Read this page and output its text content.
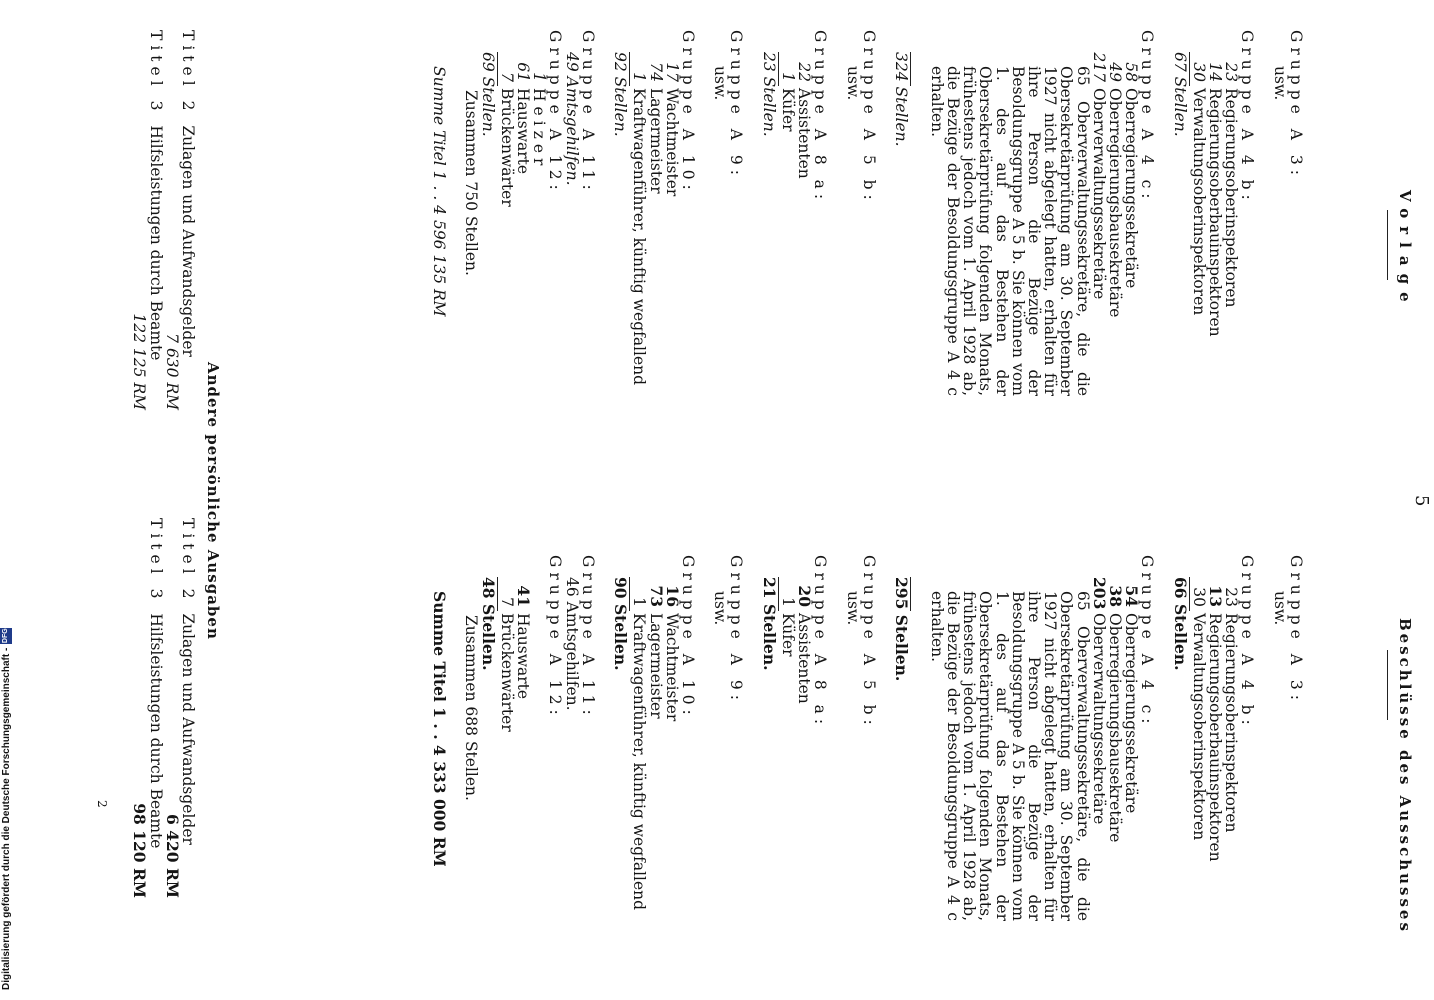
5
Vorlage
Beschlüsse des Ausschusses
Gruppe A 3:
usw.
Gruppe A 4 b:
23Regierungsoberinspektoren
14Regierungsoberbauinspektoren
30Verwaltungsoberinspektoren
67 Stellen.
Gruppe A 4 c:
58Oberregierungssekretäre
49Oberregierungsbausekretäre
217Oberverwaltungssekretäre
65 Oberverwaltungssekretäre, die die Obersekretärprüfung am 30. September 1927 nicht abgelegt hatten, erhalten für ihre Person die Bezüge der Besoldungsgruppe A 5 b. Sie können vom 1. des auf das Bestehen der Obersekretärprüfung folgenden Monats, frühestens jedoch vom 1. April 1928 ab, die Bezüge der Besoldungsgruppe A 4 c erhalten.
324 Stellen.
Gruppe A 5 b:
usw.
Gruppe A 8 a:
22Assistenten
1Küfer
23 Stellen.
Gruppe A 9:
usw.
Gruppe A 10:
17Wachtmeister
74Lagermeister
1Kraftwagenführer, künftig wegfallend
92 Stellen.
Gruppe A 11:
49 Amtsgehilfen.
Gruppe A 12:
1Heizer
61Hauswarte
7Brückenwärter
69 Stellen.
Zusammen 750 Stellen.
Summe Titel 1 . . 4 596 135 RM
Gruppe A 3:
usw.
Gruppe A 4 b:
23Regierungsoberinspektoren
13Regierungsoberbauinspektoren
30Verwaltungsoberinspektoren
66 Stellen.
Gruppe A 4 c:
54Oberregierungssekretäre
38Oberregierungsbausekretäre
203Oberverwaltungssekretäre
65 Oberverwaltungssekretäre, die die Obersekretärprüfung am 30. September 1927 nicht abgelegt hatten, erhalten für ihre Person die Bezüge der Besoldungsgruppe A 5 b. Sie können vom 1. des auf das Bestehen der Obersekretärprüfung folgenden Monats, frühestens jedoch vom 1. April 1928 ab, die Bezüge der Besoldungsgruppe A 4 c erhalten.
295 Stellen.
Gruppe A 5 b:
usw.
Gruppe A 8 a:
20Assistenten
1Küfer
21 Stellen.
Gruppe A 9:
usw.
Gruppe A 10:
16Wachtmeister
73Lagermeister
1Kraftwagenführer, künftig wegfallend
90 Stellen.
Gruppe A 11:
46 Amtsgehilfen.
Gruppe A 12:
41Hauswarte
7Brückenwärter
48 Stellen.
Zusammen 688 Stellen.
Summe Titel 1 . . 4 333 000 RM
Andere persönliche Ausgaben
Titel 2  Zulagen und Aufwandsgelder
7 630 RM
Titel 3  Hilfsleistungen durch Beamte
122 125 RM
Titel 2  Zulagen und Aufwandsgelder
6 420 RM
Titel 3  Hilfsleistungen durch Beamte
98 120 RM
2
Digitalisierung gefördert durch die Deutsche Forschungsgemeinschaft -DFG
